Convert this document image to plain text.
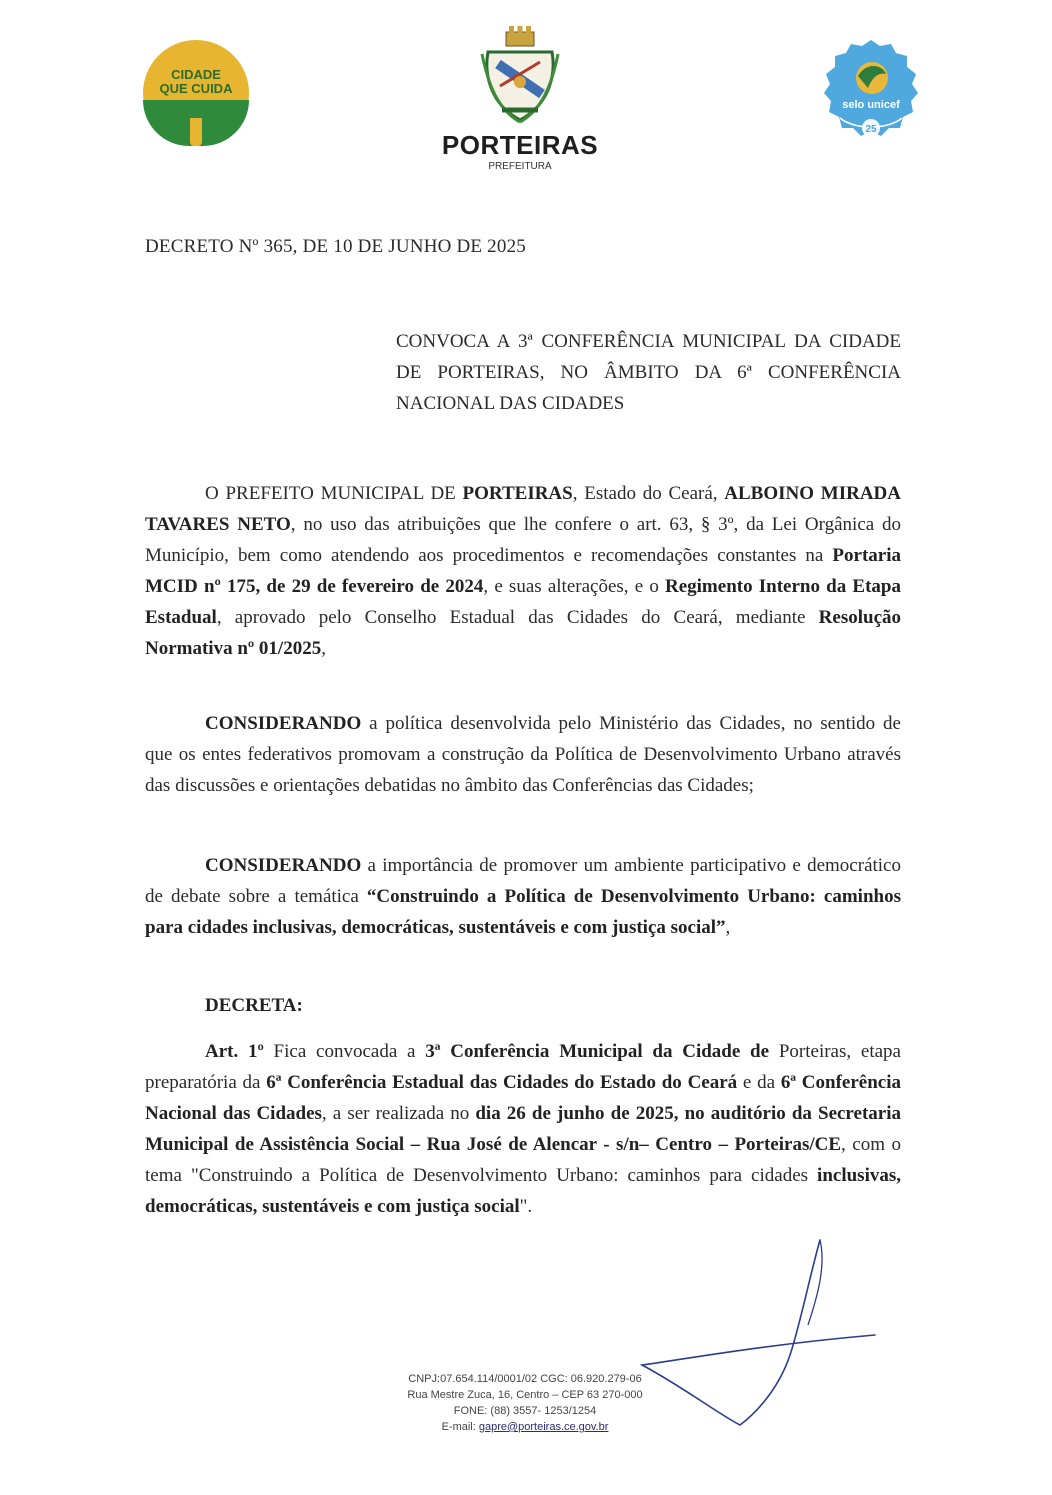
CIDADE
QUE CUIDA
PORTEIRAS
PREFEITURA
selo unicef
25
DECRETO Nº 365, DE 10 DE JUNHO DE 2025
CONVOCA A 3ª CONFERÊNCIA MUNICIPAL DA CIDADE DE PORTEIRAS, NO ÂMBITO DA 6ª CONFERÊNCIA NACIONAL DAS CIDADES
O PREFEITO MUNICIPAL DE PORTEIRAS, Estado do Ceará, ALBOINO MIRADA TAVARES NETO, no uso das atribuições que lhe confere o art. 63, § 3º, da Lei Orgânica do Município, bem como atendendo aos procedimentos e recomendações constantes na Portaria MCID nº 175, de 29 de fevereiro de 2024, e suas alterações, e o Regimento Interno da Etapa Estadual, aprovado pelo Conselho Estadual das Cidades do Ceará, mediante Resolução Normativa nº 01/2025,
CONSIDERANDO a política desenvolvida pelo Ministério das Cidades, no sentido de que os entes federativos promovam a construção da Política de Desenvolvimento Urbano através das discussões e orientações debatidas no âmbito das Conferências das Cidades;
CONSIDERANDO a importância de promover um ambiente participativo e democrático de debate sobre a temática “Construindo a Política de Desenvolvimento Urbano: caminhos para cidades inclusivas, democráticas, sustentáveis e com justiça social”,
DECRETA:
Art. 1º Fica convocada a 3ª Conferência Municipal da Cidade de Porteiras, etapa preparatória da 6ª Conferência Estadual das Cidades do Estado do Ceará e da 6ª Conferência Nacional das Cidades, a ser realizada no dia 26 de junho de 2025, no auditório da Secretaria Municipal de Assistência Social – Rua José de Alencar - s/n– Centro – Porteiras/CE, com o tema "Construindo a Política de Desenvolvimento Urbano: caminhos para cidades inclusivas, democráticas, sustentáveis e com justiça social".
CNPJ:07.654.114/0001/02 CGC: 06.920.279-06
Rua Mestre Zuca, 16, Centro – CEP 63 270-000
FONE: (88) 3557- 1253/1254
E-mail: gapre@porteiras.ce.gov.br
